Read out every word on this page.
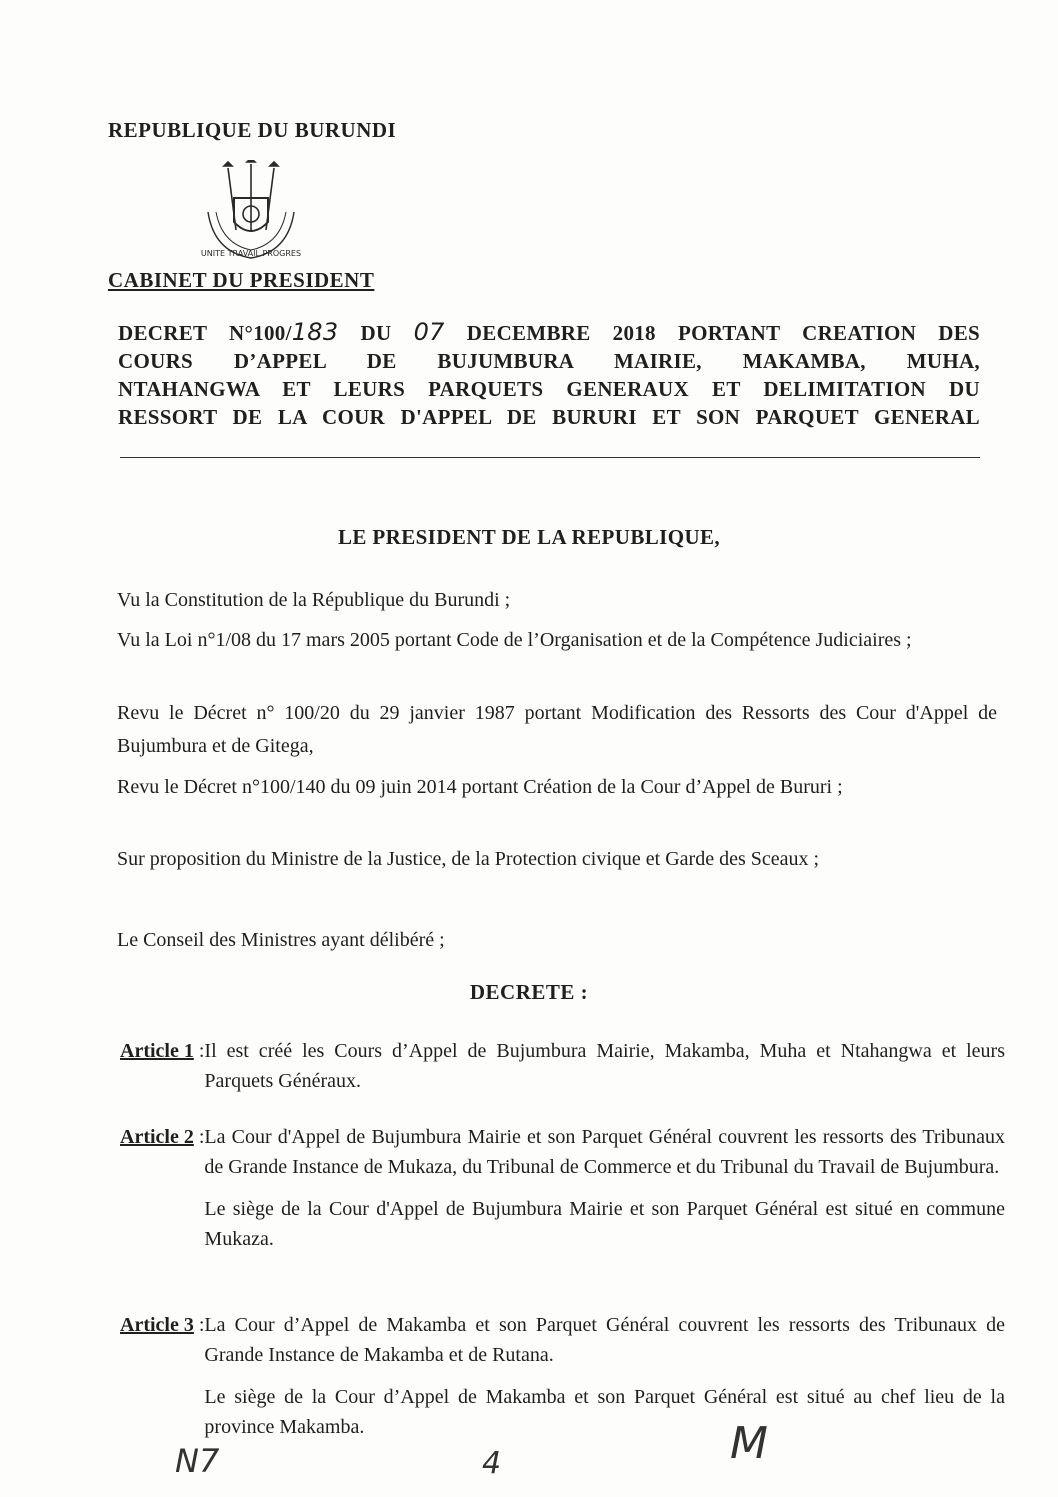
REPUBLIQUE DU BURUNDI
UNITE TRAVAIL PROGRES
CABINET DU PRESIDENT
DECRET N°100/183 DU 07 DECEMBRE 2018 PORTANT CREATION DES
COURS D’APPEL DE BUJUMBURA MAIRIE, MAKAMBA, MUHA,
NTAHANGWA ET LEURS PARQUETS GENERAUX ET DELIMITATION DU
RESSORT DE LA COUR D'APPEL DE BURURI ET SON PARQUET GENERAL
LE PRESIDENT DE LA REPUBLIQUE,
Vu la Constitution de la République du Burundi ;
Vu la Loi n°1/08 du 17 mars 2005 portant Code de l’Organisation et de la Compétence Judiciaires ;
Revu le Décret n° 100/20 du 29 janvier 1987 portant Modification des Ressorts des Cour d'Appel de Bujumbura et de Gitega,
Revu le Décret n°100/140 du 09 juin 2014 portant Création de la Cour d’Appel de Bururi ;
Sur proposition du Ministre de la Justice, de la Protection civique et Garde des Sceaux ;
Le Conseil des Ministres ayant délibéré ;
DECRETE :
Article 1 : Il est créé les Cours d’Appel de Bujumbura Mairie, Makamba, Muha et Ntahangwa et leurs Parquets Généraux.
Article 2 : La Cour d'Appel de Bujumbura Mairie et son Parquet Général couvrent les ressorts des Tribunaux de Grande Instance de Mukaza, du Tribunal de Commerce et du Tribunal du Travail de Bujumbura.
Le siège de la Cour d'Appel de Bujumbura Mairie et son Parquet Général est situé en commune Mukaza.
Article 3 : La Cour d’Appel de Makamba et son Parquet Général couvrent les ressorts des Tribunaux de Grande Instance de Makamba et de Rutana.
Le siège de la Cour d’Appel de Makamba et son Parquet Général est situé au chef lieu de la province Makamba.
N7	4	M
